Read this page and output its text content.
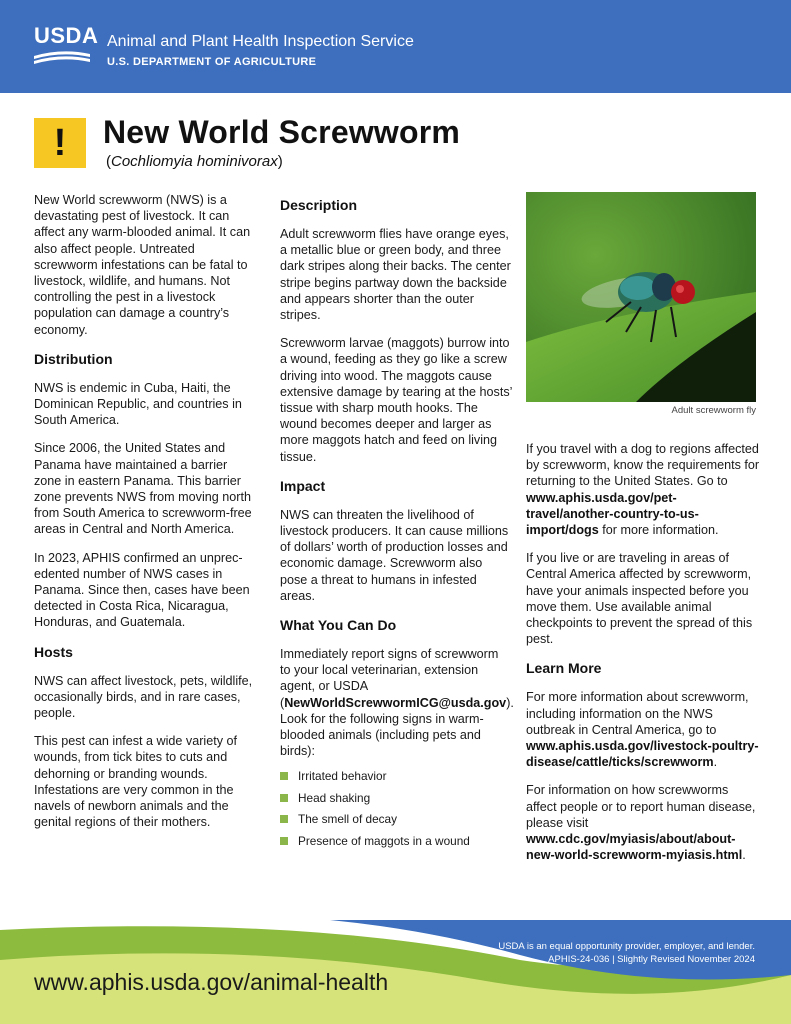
USDA Animal and Plant Health Inspection Service
U.S. DEPARTMENT OF AGRICULTURE
! New World Screwworm
(Cochliomyia hominivorax)

New World screwworm (NWS) is a devastating pest of livestock. It can affect any warm-blooded animal. It can also affect people. Untreated screwworm infestations can be fatal to livestock, wildlife, and humans. Not controlling the pest in a livestock population can damage a country’s economy.

Distribution

NWS is endemic in Cuba, Haiti, the Dominican Republic, and countries in South America.

Since 2006, the United States and Panama have maintained a barrier zone in eastern Panama. This barrier zone prevents NWS from moving north from South America to screwworm-free areas in Central and North America.

In 2023, APHIS confirmed an unprec-edented number of NWS cases in Panama. Since then, cases have been detected in Costa Rica, Nicaragua, Honduras, and Guatemala.

Hosts

NWS can affect livestock, pets, wildlife, occasionally birds, and in rare cases, people.

This pest can infest a wide variety of wounds, from tick bites to cuts and dehorning or branding wounds. Infestations are very common in the navels of newborn animals and the genital regions of their mothers.

Description

Adult screwworm flies have orange eyes, a metallic blue or green body, and three dark stripes along their backs. The center stripe begins partway down the backside and appears shorter than the outer stripes.

Screwworm larvae (maggots) burrow into a wound, feeding as they go like a screw driving into wood. The maggots cause extensive damage by tearing at the hosts’ tissue with sharp mouth hooks. The wound becomes deeper and larger as more maggots hatch and feed on living tissue.

Impact

NWS can threaten the livelihood of livestock producers. It can cause millions of dollars’ worth of production losses and economic damage. Screwworm also pose a threat to humans in infested areas.

What You Can Do

Immediately report signs of screwworm to your local veterinarian, extension agent, or USDA (NewWorldScrewwormICG@usda.gov). Look for the following signs in warm-blooded animals (including pets and birds):

Irritated behavior
Head shaking
The smell of decay
Presence of maggots in a wound
Adult screwworm fly

If you travel with a dog to regions affected by screwworm, know the requirements for returning to the United States. Go to www.aphis.usda.gov/pet-travel/another-country-to-us-import/dogs for more information.

If you live or are traveling in areas of Central America affected by screwworm, have your animals inspected before you move them. Use available animal checkpoints to prevent the spread of this pest.

Learn More

For more information about screwworm, including information on the NWS outbreak in Central America, go to www.aphis.usda.gov/livestock-poultry-disease/cattle/ticks/screwworm.

For information on how screwworms affect people or to report human disease, please visit www.cdc.gov/myiasis/about/about-new-world-screwworm-myiasis.html.

USDA is an equal opportunity provider, employer, and lender.
APHIS-24-036 | Slightly Revised November 2024
www.aphis.usda.gov/animal-health
